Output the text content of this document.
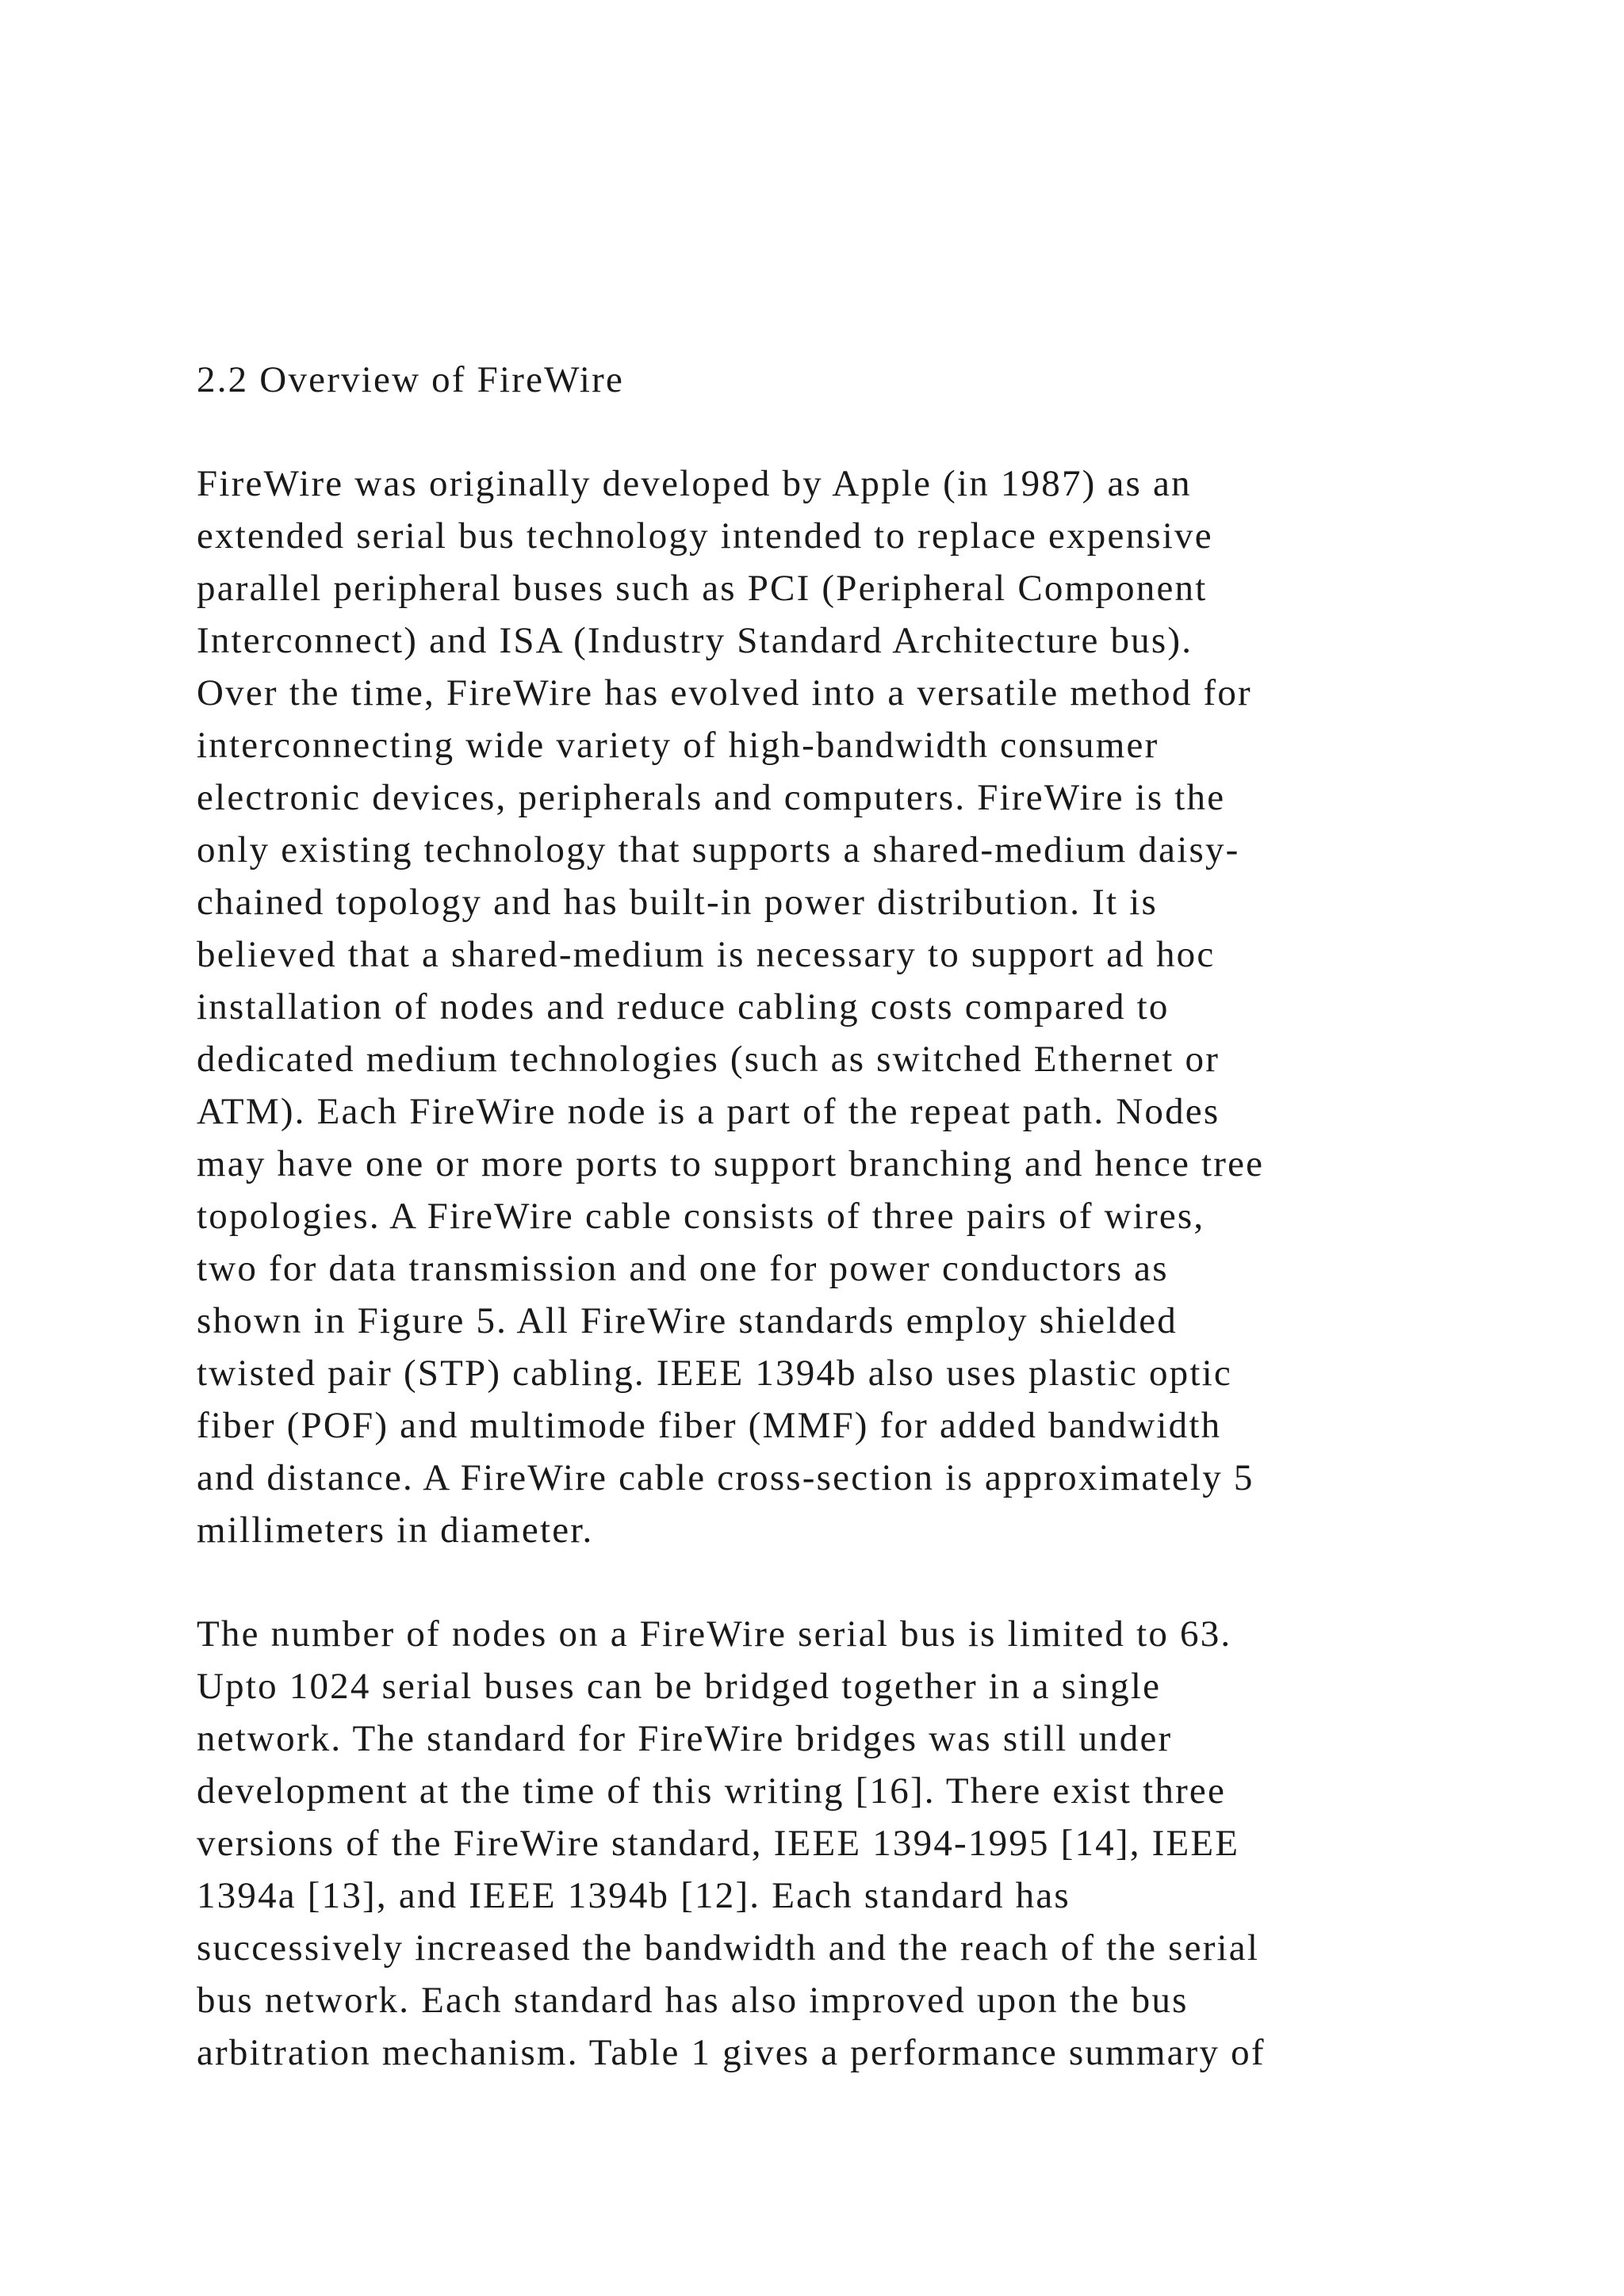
2.2 Overview of FireWire
FireWire was originally developed by Apple (in 1987) as an
extended serial bus technology intended to replace expensive
parallel peripheral buses such as PCI (Peripheral Component
Interconnect) and ISA (Industry Standard Architecture bus).
Over the time, FireWire has evolved into a versatile method for
interconnecting wide variety of high-bandwidth consumer
electronic devices, peripherals and computers. FireWire is the
only existing technology that supports a shared-medium daisy-
chained topology and has built-in power distribution. It is
believed that a shared-medium is necessary to support ad hoc
installation of nodes and reduce cabling costs compared to
dedicated medium technologies (such as switched Ethernet or
ATM). Each FireWire node is a part of the repeat path. Nodes
may have one or more ports to support branching and hence tree
topologies. A FireWire cable consists of three pairs of wires,
two for data transmission and one for power conductors as
shown in Figure 5. All FireWire standards employ shielded
twisted pair (STP) cabling. IEEE 1394b also uses plastic optic
fiber (POF) and multimode fiber (MMF) for added bandwidth
and distance. A FireWire cable cross-section is approximately 5
millimeters in diameter.
The number of nodes on a FireWire serial bus is limited to 63.
Upto 1024 serial buses can be bridged together in a single
network. The standard for FireWire bridges was still under
development at the time of this writing [16]. There exist three
versions of the FireWire standard, IEEE 1394-1995 [14], IEEE
1394a [13], and IEEE 1394b [12]. Each standard has
successively increased the bandwidth and the reach of the serial
bus network. Each standard has also improved upon the bus
arbitration mechanism. Table 1 gives a performance summary of
